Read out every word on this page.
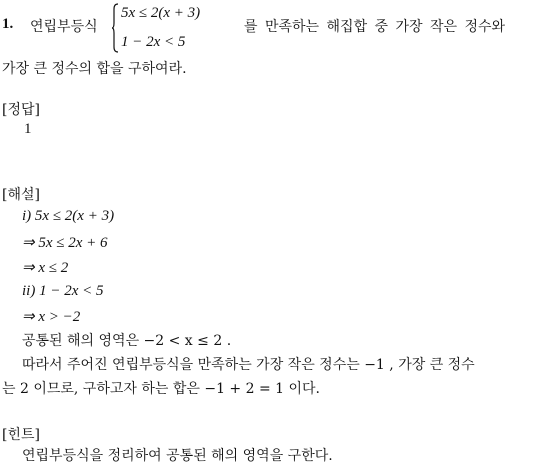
1. 연립부등식
5x ≤ 2(x + 3)
1 − 2x < 5
를 만족하는 해집합 중 가장 작은 정수와
가장 큰 정수의 합을 구하여라.
[정답]
1
[해설]
i) 5x ≤ 2(x + 3)
⇒ 5x ≤ 2x + 6
⇒ x ≤ 2
ii) 1 − 2x < 5
⇒ x > −2
공통된 해의 영역은 −2 < x ≤ 2 .
따라서 주어진 연립부등식을 만족하는 가장 작은 정수는 −1 , 가장 큰 정수
는 2 이므로, 구하고자 하는 합은 −1 + 2 = 1 이다.
[힌트]
연립부등식을 정리하여 공통된 해의 영역을 구한다.
